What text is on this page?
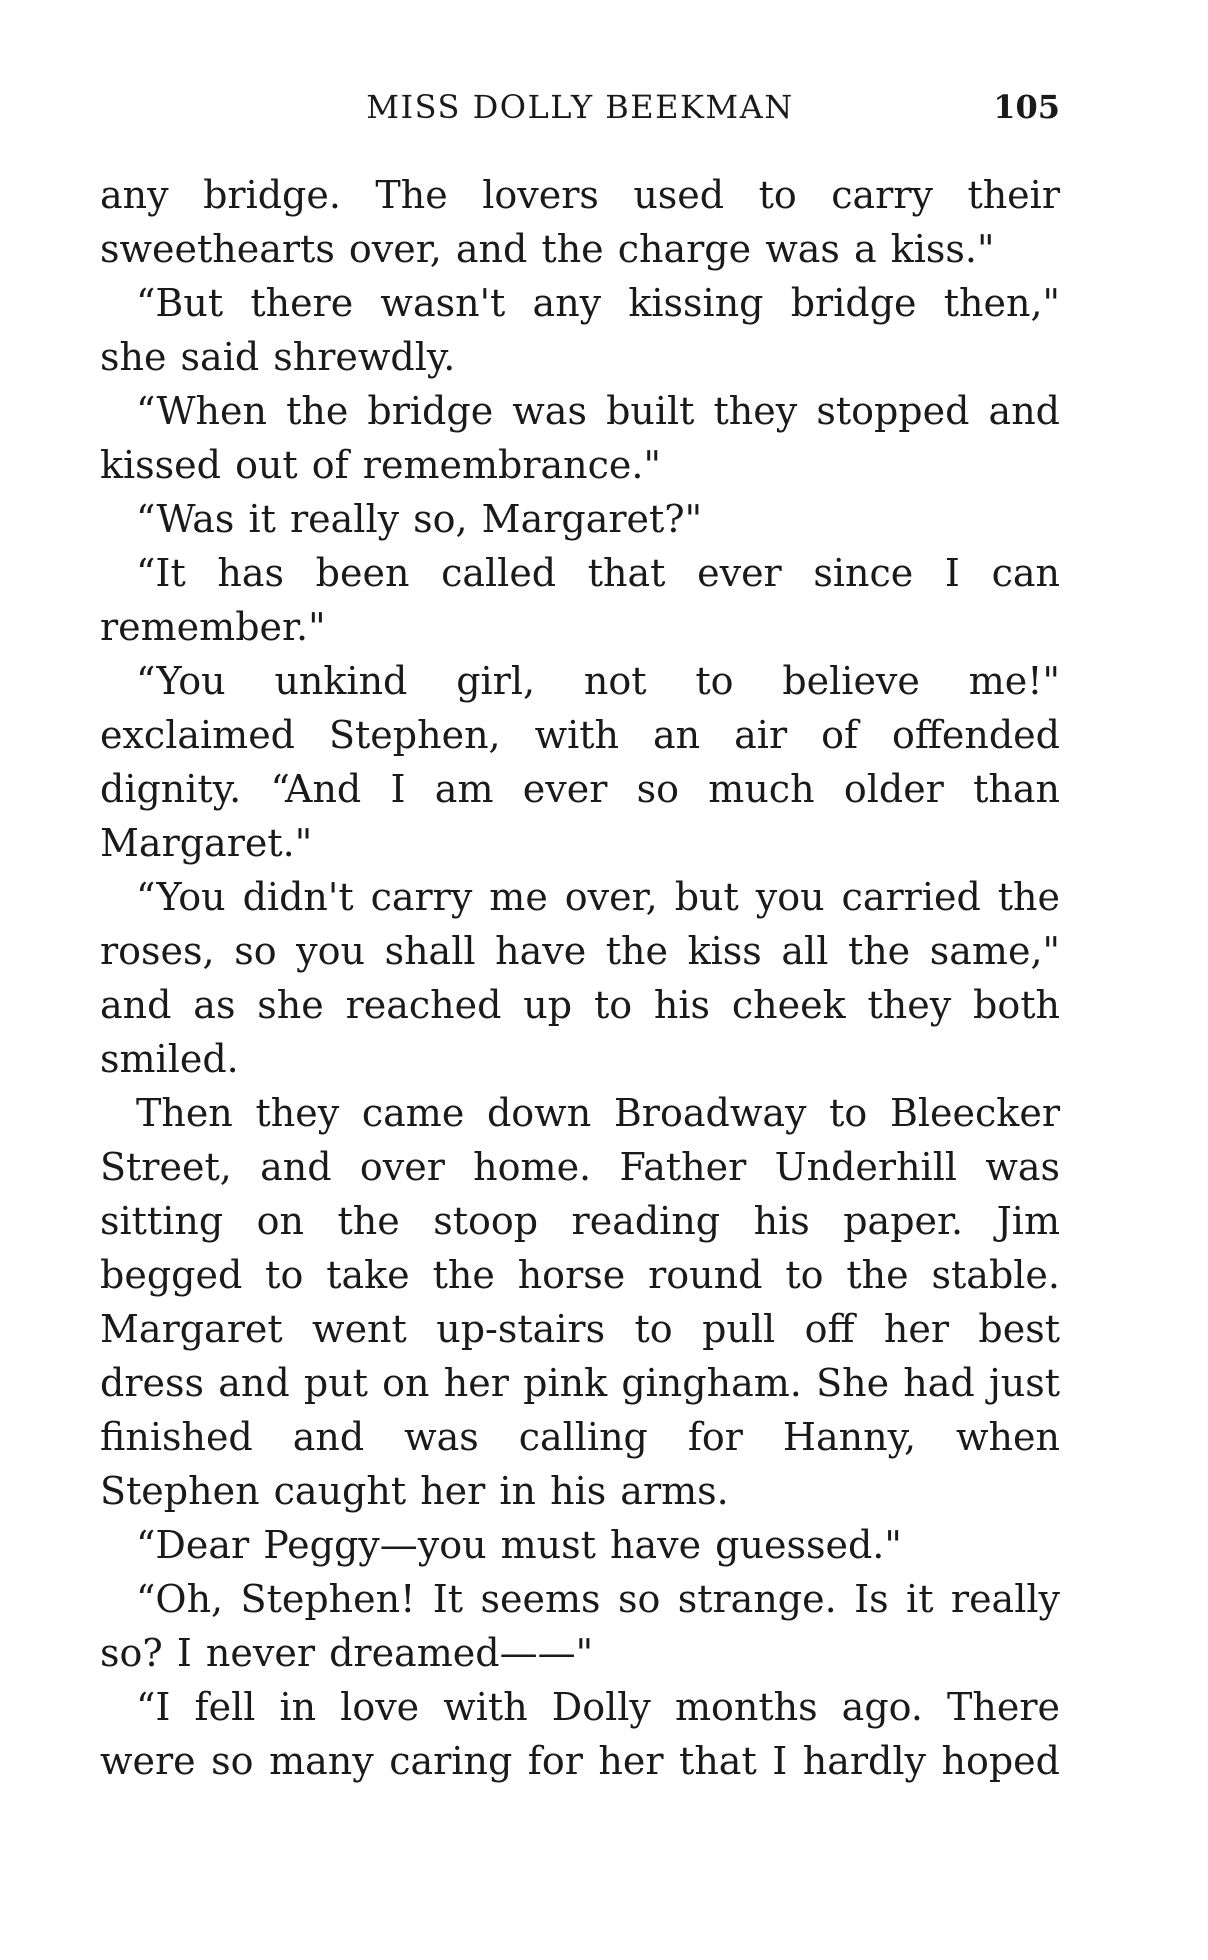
MISS DOLLY BEEKMAN	105

any bridge. The lovers used to carry their sweethearts over, and the charge was a kiss."

“But there wasn't any kissing bridge then," she said shrewdly.

“When the bridge was built they stopped and kissed out of remembrance."

“Was it really so, Margaret?"

“It has been called that ever since I can remember."

“You unkind girl, not to believe me!" exclaimed Stephen, with an air of offended dignity. “And I am ever so much older than Margaret."

“You didn't carry me over, but you carried the roses, so you shall have the kiss all the same," and as she reached up to his cheek they both smiled.

Then they came down Broadway to Bleecker Street, and over home. Father Underhill was sitting on the stoop reading his paper. Jim begged to take the horse round to the stable. Margaret went up-stairs to pull off her best dress and put on her pink gingham. She had just finished and was calling for Hanny, when Stephen caught her in his arms.

“Dear Peggy—you must have guessed."

“Oh, Stephen! It seems so strange. Is it really so? I never dreamed——"

“I fell in love with Dolly months ago. There were so many caring for her that I hardly hoped
